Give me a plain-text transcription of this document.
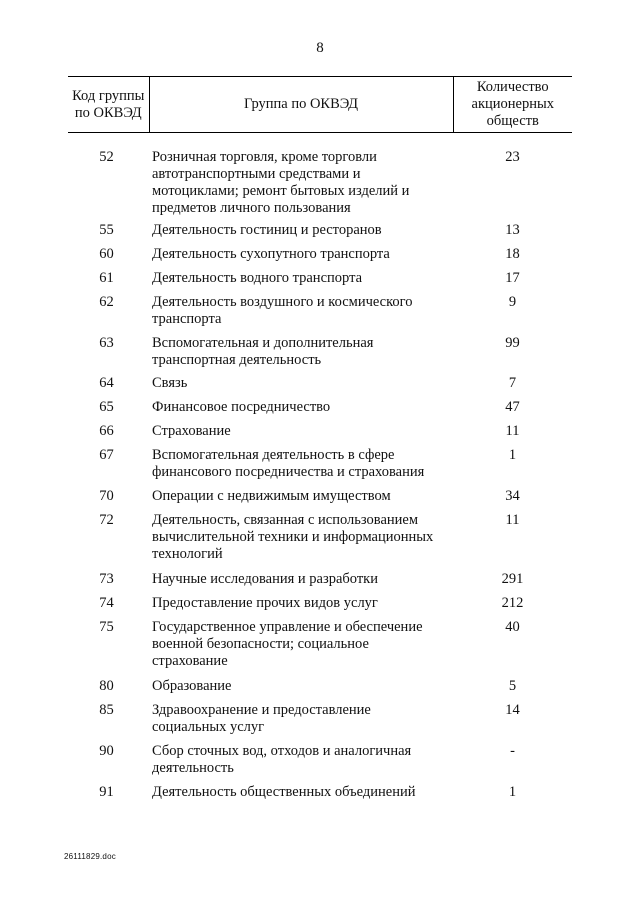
8
Код группы по ОКВЭД	Группа по ОКВЭД	Количество акционерных обществ

52	Розничная торговля, кроме торговли автотранспортными средствами и мотоциклами; ремонт бытовых изделий и предметов личного пользования	23
55	Деятельность гостиниц и ресторанов	13
60	Деятельность сухопутного транспорта	18
61	Деятельность водного транспорта	17
62	Деятельность воздушного и космического транспорта	9
63	Вспомогательная и дополнительная транспортная деятельность	99
64	Связь	7
65	Финансовое посредничество	47
66	Страхование	11
67	Вспомогательная деятельность в сфере финансового посредничества и страхования	1
70	Операции с недвижимым имуществом	34
72	Деятельность, связанная с использованием вычислительной техники и информационных технологий	11
73	Научные исследования и разработки	291
74	Предоставление прочих видов услуг	212
75	Государственное управление и обеспечение военной безопасности; социальное страхование	40
80	Образование	5
85	Здравоохранение и предоставление социальных услуг	14
90	Сбор сточных вод, отходов и аналогичная деятельность	-
91	Деятельность общественных объединений	1
26111829.doc
